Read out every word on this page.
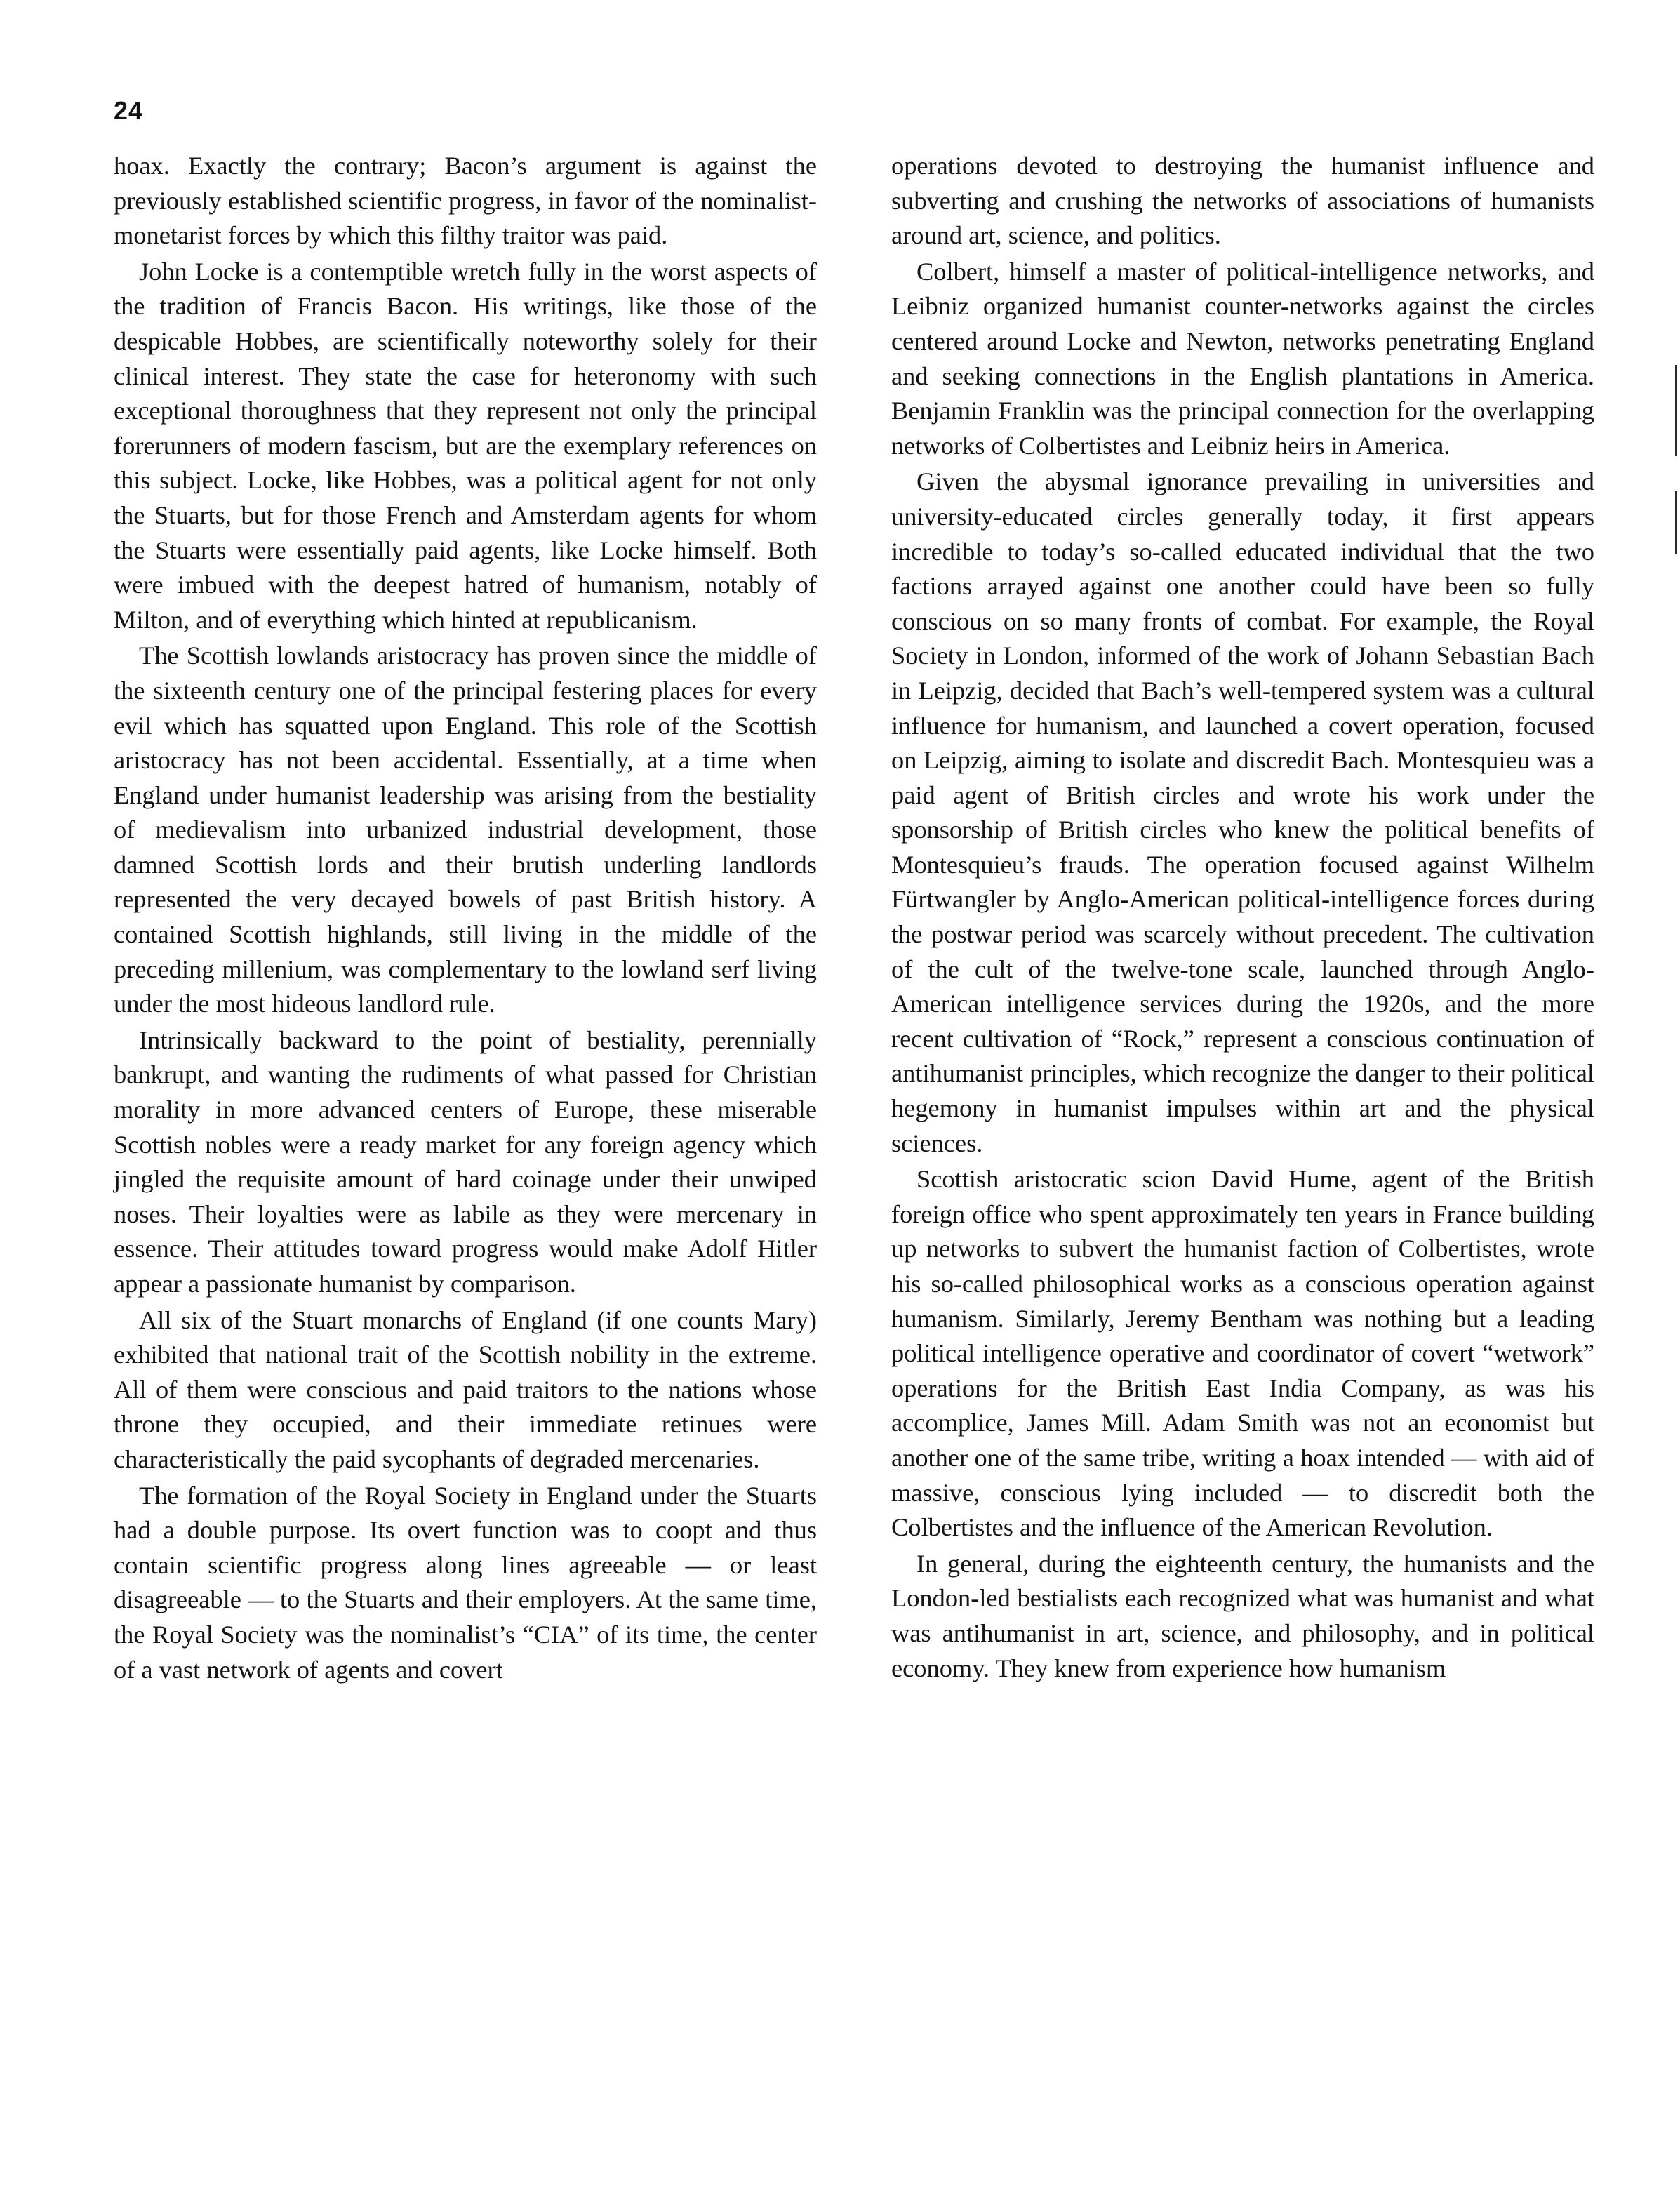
24

hoax. Exactly the contrary; Bacon’s argument is against the previously established scientific progress, in favor of the nominalist-monetarist forces by which this filthy traitor was paid.

John Locke is a contemptible wretch fully in the worst aspects of the tradition of Francis Bacon. His writings, like those of the despicable Hobbes, are scientifically noteworthy solely for their clinical interest. They state the case for heteronomy with such exceptional thoroughness that they represent not only the principal forerunners of modern fascism, but are the exemplary references on this subject. Locke, like Hobbes, was a political agent for not only the Stuarts, but for those French and Amsterdam agents for whom the Stuarts were essentially paid agents, like Locke himself. Both were imbued with the deepest hatred of humanism, notably of Milton, and of everything which hinted at republicanism.

The Scottish lowlands aristocracy has proven since the middle of the sixteenth century one of the principal festering places for every evil which has squatted upon England. This role of the Scottish aristocracy has not been accidental. Essentially, at a time when England under humanist leadership was arising from the bestiality of medievalism into urbanized industrial development, those damned Scottish lords and their brutish underling landlords represented the very decayed bowels of past British history. A contained Scottish highlands, still living in the middle of the preceding millenium, was complementary to the lowland serf living under the most hideous landlord rule.

Intrinsically backward to the point of bestiality, perennially bankrupt, and wanting the rudiments of what passed for Christian morality in more advanced centers of Europe, these miserable Scottish nobles were a ready market for any foreign agency which jingled the requisite amount of hard coinage under their unwiped noses. Their loyalties were as labile as they were mercenary in essence. Their attitudes toward progress would make Adolf Hitler appear a passionate humanist by comparison.

All six of the Stuart monarchs of England (if one counts Mary) exhibited that national trait of the Scottish nobility in the extreme. All of them were conscious and paid traitors to the nations whose throne they occupied, and their immediate retinues were characteristically the paid sycophants of degraded mercenaries.

The formation of the Royal Society in England under the Stuarts had a double purpose. Its overt function was to coopt and thus contain scientific progress along lines agreeable — or least disagreeable — to the Stuarts and their employers. At the same time, the Royal Society was the nominalist’s “CIA” of its time, the center of a vast network of agents and covert

operations devoted to destroying the humanist influence and subverting and crushing the networks of associations of humanists around art, science, and politics.

Colbert, himself a master of political-intelligence networks, and Leibniz organized humanist counter-networks against the circles centered around Locke and Newton, networks penetrating England and seeking connections in the English plantations in America. Benjamin Franklin was the principal connection for the overlapping networks of Colbertistes and Leibniz heirs in America.

Given the abysmal ignorance prevailing in universities and university-educated circles generally today, it first appears incredible to today’s so-called educated individual that the two factions arrayed against one another could have been so fully conscious on so many fronts of combat. For example, the Royal Society in London, informed of the work of Johann Sebastian Bach in Leipzig, decided that Bach’s well-tempered system was a cultural influence for humanism, and launched a covert operation, focused on Leipzig, aiming to isolate and discredit Bach. Montesquieu was a paid agent of British circles and wrote his work under the sponsorship of British circles who knew the political benefits of Montesquieu’s frauds. The operation focused against Wilhelm Fürtwangler by Anglo-American political-intelligence forces during the postwar period was scarcely without precedent. The cultivation of the cult of the twelve-tone scale, launched through Anglo-American intelligence services during the 1920s, and the more recent cultivation of “Rock,” represent a conscious continuation of antihumanist principles, which recognize the danger to their political hegemony in humanist impulses within art and the physical sciences.

Scottish aristocratic scion David Hume, agent of the British foreign office who spent approximately ten years in France building up networks to subvert the humanist faction of Colbertistes, wrote his so-called philosophical works as a conscious operation against humanism. Similarly, Jeremy Bentham was nothing but a leading political intelligence operative and coordinator of covert “wetwork” operations for the British East India Company, as was his accomplice, James Mill. Adam Smith was not an economist but another one of the same tribe, writing a hoax intended — with aid of massive, conscious lying included — to discredit both the Colbertistes and the influence of the American Revolution.

In general, during the eighteenth century, the humanists and the London-led bestialists each recognized what was humanist and what was antihumanist in art, science, and philosophy, and in political economy. They knew from experience how humanism
